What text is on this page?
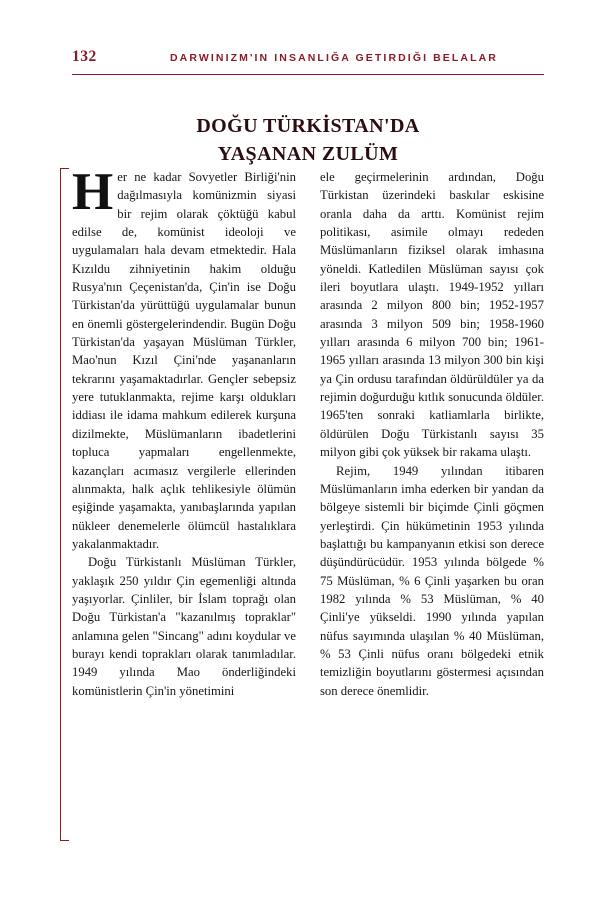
132	DARWINIZM'IN INSANLIĞA GETIRDIĞI BELALAR
DOĞU TÜRKİSTAN'DA
YAŞANAN ZULÜM

Her ne kadar Sovyetler Birliği'nin dağılmasıyla komünizmin siyasi bir rejim olarak çöktüğü kabul edilse de, komünist ideoloji ve uygulamaları hala devam etmektedir. Hala Kızıldu zihniyetinin hakim olduğu Rusya'nın Çeçenistan'da, Çin'in ise Doğu Türkistan'da yürüttüğü uygulamalar bunun en önemli göstergelerindendir. Bugün Doğu Türkistan'da yaşayan Müslüman Türkler, Mao'nun Kızıl Çini'nde yaşananların tekrarını yaşamaktadırlar. Gençler sebepsiz yere tutuklanmakta, rejime karşı oldukları iddiası ile idama mahkum edilerek kurşuna dizilmekte, Müslümanların ibadetlerini topluca yapmaları engellenmekte, kazançları acımasız vergilerle ellerinden alınmakta, halk açlık tehlikesiyle ölümün eşiğinde yaşamakta, yanıbaşlarında yapılan nükleer denemelerle ölümcül hastalıklara yakalanmaktadır.

Doğu Türkistanlı Müslüman Türkler, yaklaşık 250 yıldır Çin egemenliği altında yaşıyorlar. Çinliler, bir İslam toprağı olan Doğu Türkistan'a "kazanılmış topraklar" anlamına gelen "Sincang" adını koydular ve burayı kendi toprakları olarak tanımladılar. 1949 yılında Mao önderliğindeki komünistlerin Çin'in yönetimini

ele geçirmelerinin ardından, Doğu Türkistan üzerindeki baskılar eskisine oranla daha da arttı. Komünist rejim politikası, asimile olmayı rededen Müslümanların fiziksel olarak imhasına yöneldi. Katledilen Müslüman sayısı çok ileri boyutlara ulaştı. 1949-1952 yılları arasında 2 milyon 800 bin; 1952-1957 arasında 3 milyon 509 bin; 1958-1960 yılları arasında 6 milyon 700 bin; 1961-1965 yılları arasında 13 milyon 300 bin kişi ya Çin ordusu tarafından öldürüldüler ya da rejimin doğurduğu kıtlık sonucunda öldüler. 1965'ten sonraki katliamlarla birlikte, öldürülen Doğu Türkistanlı sayısı 35 milyon gibi çok yüksek bir rakama ulaştı.

Rejim, 1949 yılından itibaren Müslümanların imha ederken bir yandan da bölgeye sistemli bir biçimde Çinli göçmen yerleştirdi. Çin hükümetinin 1953 yılında başlattığı bu kampanyanın etkisi son derece düşündürücüdür. 1953 yılında bölgede % 75 Müslüman, % 6 Çinli yaşarken bu oran 1982 yılında % 53 Müslüman, % 40 Çinli'ye yükseldi. 1990 yılında yapılan nüfus sayımında ulaşılan % 40 Müslüman, % 53 Çinli nüfus oranı bölgedeki etnik temizliğin boyutlarını göstermesi açısından son derece önemlidir.
